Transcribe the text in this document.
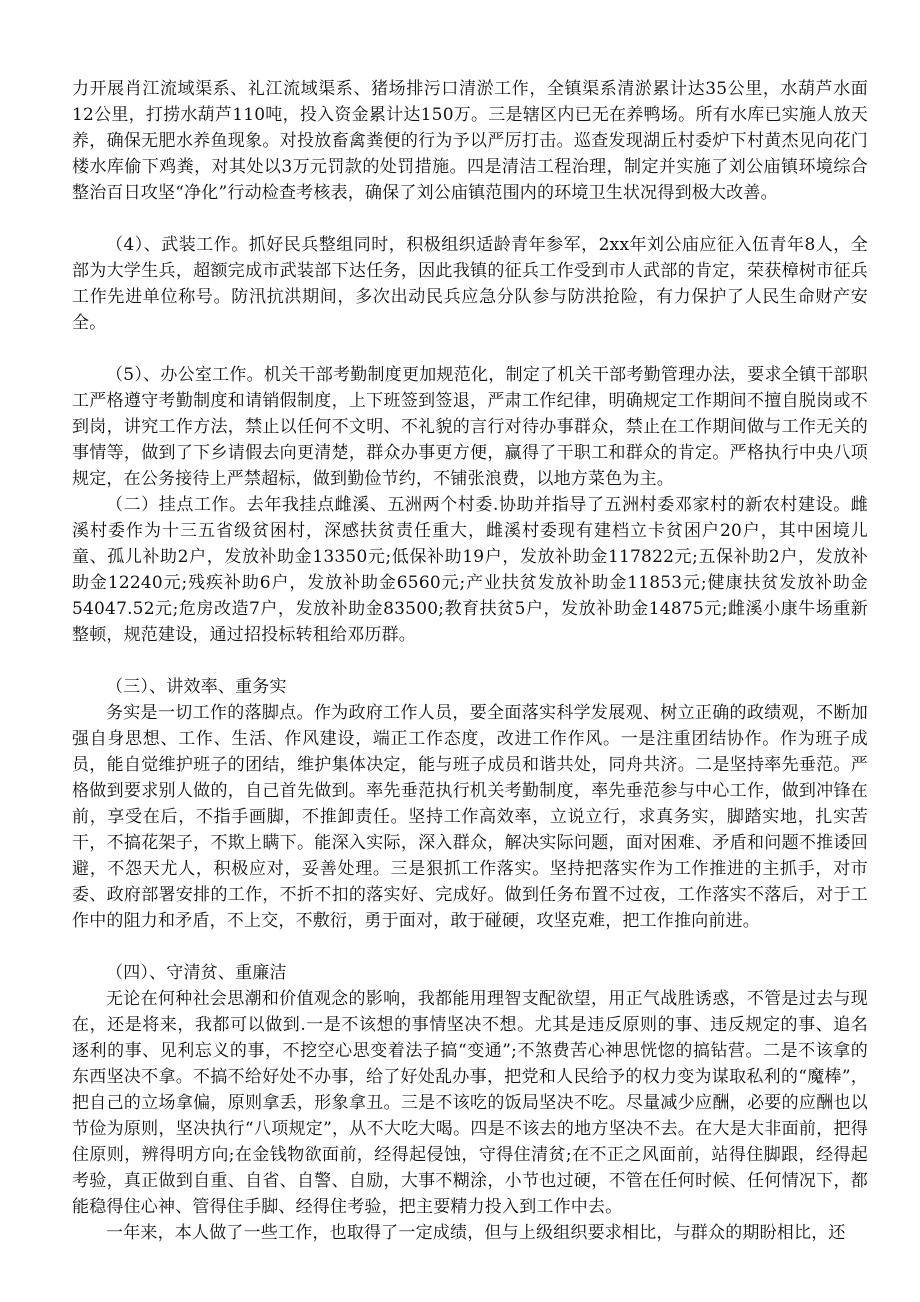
力开展肖江流域渠系、礼江流域渠系、猪场排污口清淤工作，全镇渠系清淤累计达35公里，水葫芦水面12公里，打捞水葫芦110吨，投入资金累计达150万。三是辖区内已无在养鸭场。所有水库已实施人放天养，确保无肥水养鱼现象。对投放畜禽粪便的行为予以严厉打击。巡查发现湖丘村委炉下村黄杰见向花门楼水库偷下鸡粪，对其处以3万元罚款的处罚措施。四是清洁工程治理，制定并实施了刘公庙镇环境综合整治百日攻坚“净化”行动检查考核表，确保了刘公庙镇范围内的环境卫生状况得到极大改善。

（4）、武装工作。抓好民兵整组同时，积极组织适龄青年参军，2xx年刘公庙应征入伍青年8人，全部为大学生兵，超额完成市武装部下达任务，因此我镇的征兵工作受到市人武部的肯定，荣获樟树市征兵工作先进单位称号。防汛抗洪期间，多次出动民兵应急分队参与防洪抢险，有力保护了人民生命财产安全。

（5）、办公室工作。机关干部考勤制度更加规范化，制定了机关干部考勤管理办法，要求全镇干部职工严格遵守考勤制度和请销假制度，上下班签到签退，严肃工作纪律，明确规定工作期间不擅自脱岗或不到岗，讲究工作方法，禁止以任何不文明、不礼貌的言行对待办事群众，禁止在工作期间做与工作无关的事情等，做到了下乡请假去向更清楚，群众办事更方便，赢得了干职工和群众的肯定。严格执行中央八项规定，在公务接待上严禁超标，做到勤俭节约，不铺张浪费，以地方菜色为主。

（二）挂点工作。去年我挂点雌溪、五洲两个村委.协助并指导了五洲村委邓家村的新农村建设。雌溪村委作为十三五省级贫困村，深感扶贫责任重大，雌溪村委现有建档立卡贫困户20户，其中困境儿童、孤儿补助2户，发放补助金13350元;低保补助19户，发放补助金117822元;五保补助2户，发放补助金12240元;残疾补助6户，发放补助金6560元;产业扶贫发放补助金11853元;健康扶贫发放补助金54047.52元;危房改造7户，发放补助金83500;教育扶贫5户，发放补助金14875元;雌溪小康牛场重新整顿，规范建设，通过招投标转租给邓历群。

（三）、讲效率、重务实

务实是一切工作的落脚点。作为政府工作人员，要全面落实科学发展观、树立正确的政绩观，不断加强自身思想、工作、生活、作风建设，端正工作态度，改进工作作风。一是注重团结协作。作为班子成员，能自觉维护班子的团结，维护集体决定，能与班子成员和谐共处，同舟共济。二是坚持率先垂范。严格做到要求别人做的，自己首先做到。率先垂范执行机关考勤制度，率先垂范参与中心工作，做到冲锋在前，享受在后，不指手画脚，不推卸责任。坚持工作高效率，立说立行，求真务实，脚踏实地，扎实苦干，不搞花架子，不欺上瞒下。能深入实际，深入群众，解决实际问题，面对困难、矛盾和问题不推诿回避，不怨天尤人，积极应对，妥善处理。三是狠抓工作落实。坚持把落实作为工作推进的主抓手，对市委、政府部署安排的工作，不折不扣的落实好、完成好。做到任务布置不过夜，工作落实不落后，对于工作中的阻力和矛盾，不上交，不敷衍，勇于面对，敢于碰硬，攻坚克难，把工作推向前进。

（四）、守清贫、重廉洁

无论在何种社会思潮和价值观念的影响，我都能用理智支配欲望，用正气战胜诱惑，不管是过去与现在，还是将来，我都可以做到.一是不该想的事情坚决不想。尤其是违反原则的事、违反规定的事、追名逐利的事、见利忘义的事，不挖空心思变着法子搞“变通”;不煞费苦心神思恍惚的搞钻营。二是不该拿的东西坚决不拿。不搞不给好处不办事，给了好处乱办事，把党和人民给予的权力变为谋取私利的“魔棒”，把自己的立场拿偏，原则拿丢，形象拿丑。三是不该吃的饭局坚决不吃。尽量减少应酬，必要的应酬也以节俭为原则，坚决执行“八项规定”，从不大吃大喝。四是不该去的地方坚决不去。在大是大非面前，把得住原则，辨得明方向;在金钱物欲面前，经得起侵蚀，守得住清贫;在不正之风面前，站得住脚跟，经得起考验，真正做到自重、自省、自警、自励，大事不糊涂，小节也过硬，不管在任何时候、任何情况下，都能稳得住心神、管得住手脚、经得住考验，把主要精力投入到工作中去。

一年来，本人做了一些工作，也取得了一定成绩，但与上级组织要求相比，与群众的期盼相比，还
